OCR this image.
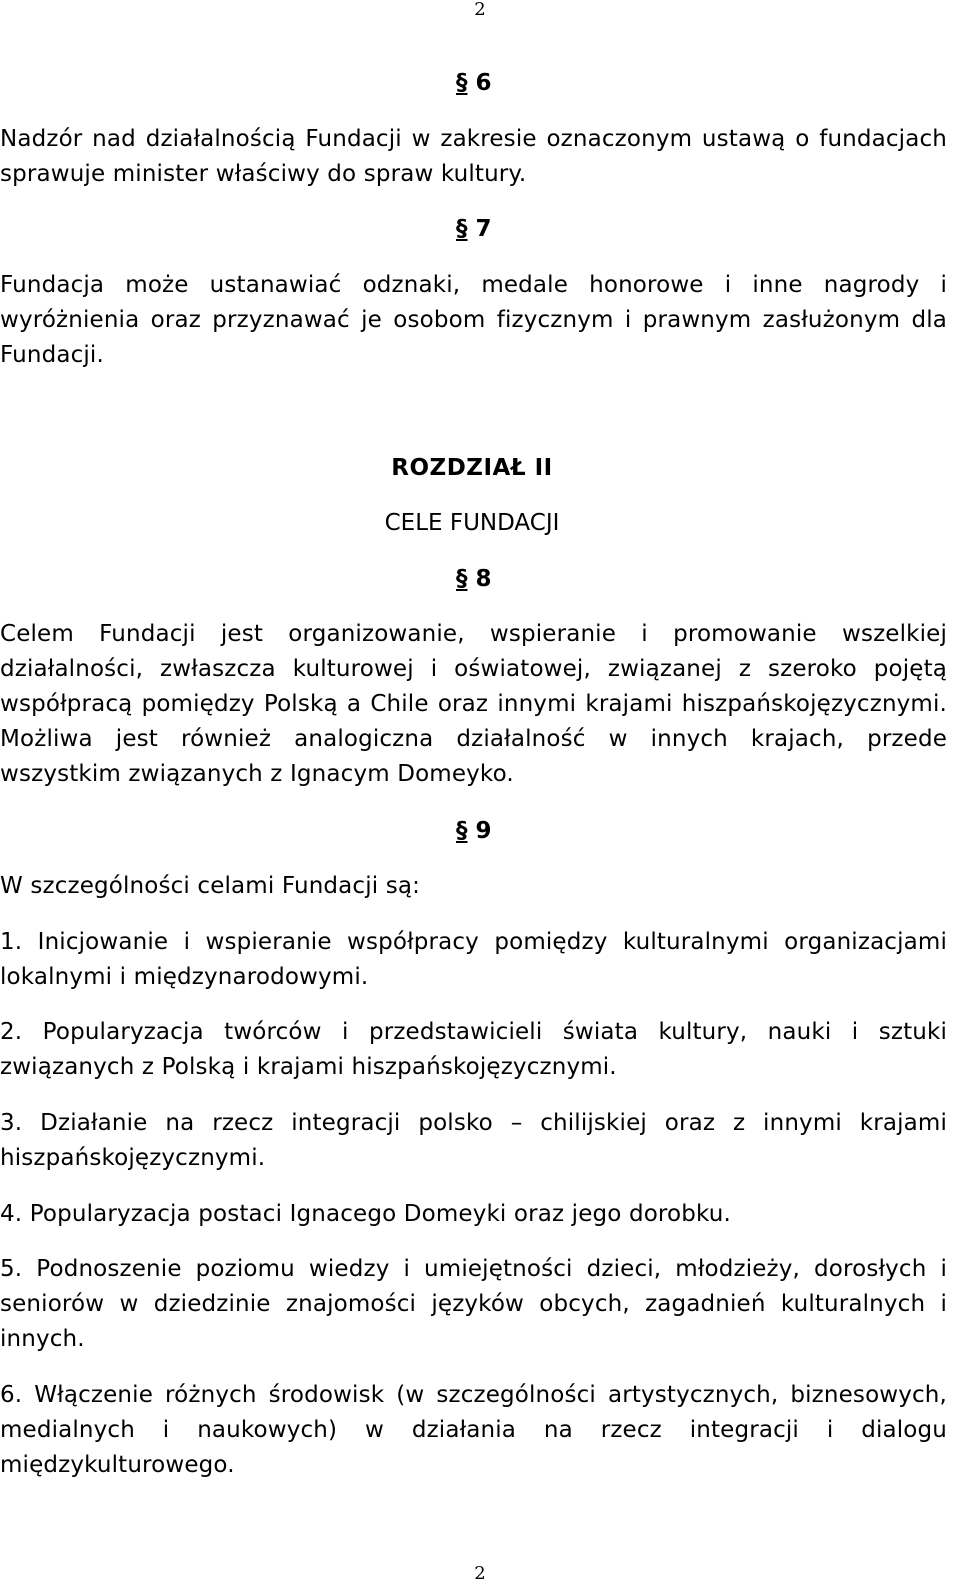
2
§ 6
Nadzór nad działalnością Fundacji w zakresie oznaczonym ustawą o fundacjach sprawuje minister właściwy do spraw kultury.
§ 7
Fundacja może ustanawiać odznaki, medale honorowe i inne nagrody i wyróżnienia oraz przyznawać je osobom fizycznym i prawnym zasłużonym dla Fundacji.
ROZDZIAŁ II
CELE FUNDACJI
§ 8
Celem Fundacji jest organizowanie, wspieranie i promowanie wszelkiej działalności, zwłaszcza kulturowej i oświatowej, związanej z szeroko pojętą współpracą pomiędzy Polską a Chile oraz innymi krajami hiszpańskojęzycznymi. Możliwa jest również analogiczna działalność w innych krajach, przede wszystkim związanych z Ignacym Domeyko.
§ 9
W szczególności celami Fundacji są:
1. Inicjowanie i wspieranie współpracy pomiędzy kulturalnymi organizacjami lokalnymi i międzynarodowymi.
2. Popularyzacja twórców i przedstawicieli świata kultury, nauki i sztuki związanych z Polską i krajami hiszpańskojęzycznymi.
3. Działanie na rzecz integracji polsko – chilijskiej oraz z innymi krajami hiszpańskojęzycznymi.
4. Popularyzacja postaci Ignacego Domeyki oraz jego dorobku.
5. Podnoszenie poziomu wiedzy i umiejętności dzieci, młodzieży, dorosłych i seniorów w dziedzinie znajomości języków obcych, zagadnień kulturalnych i innych.
6. Włączenie różnych środowisk (w szczególności artystycznych, biznesowych, medialnych i naukowych) w działania na rzecz integracji i dialogu międzykulturowego.
2
